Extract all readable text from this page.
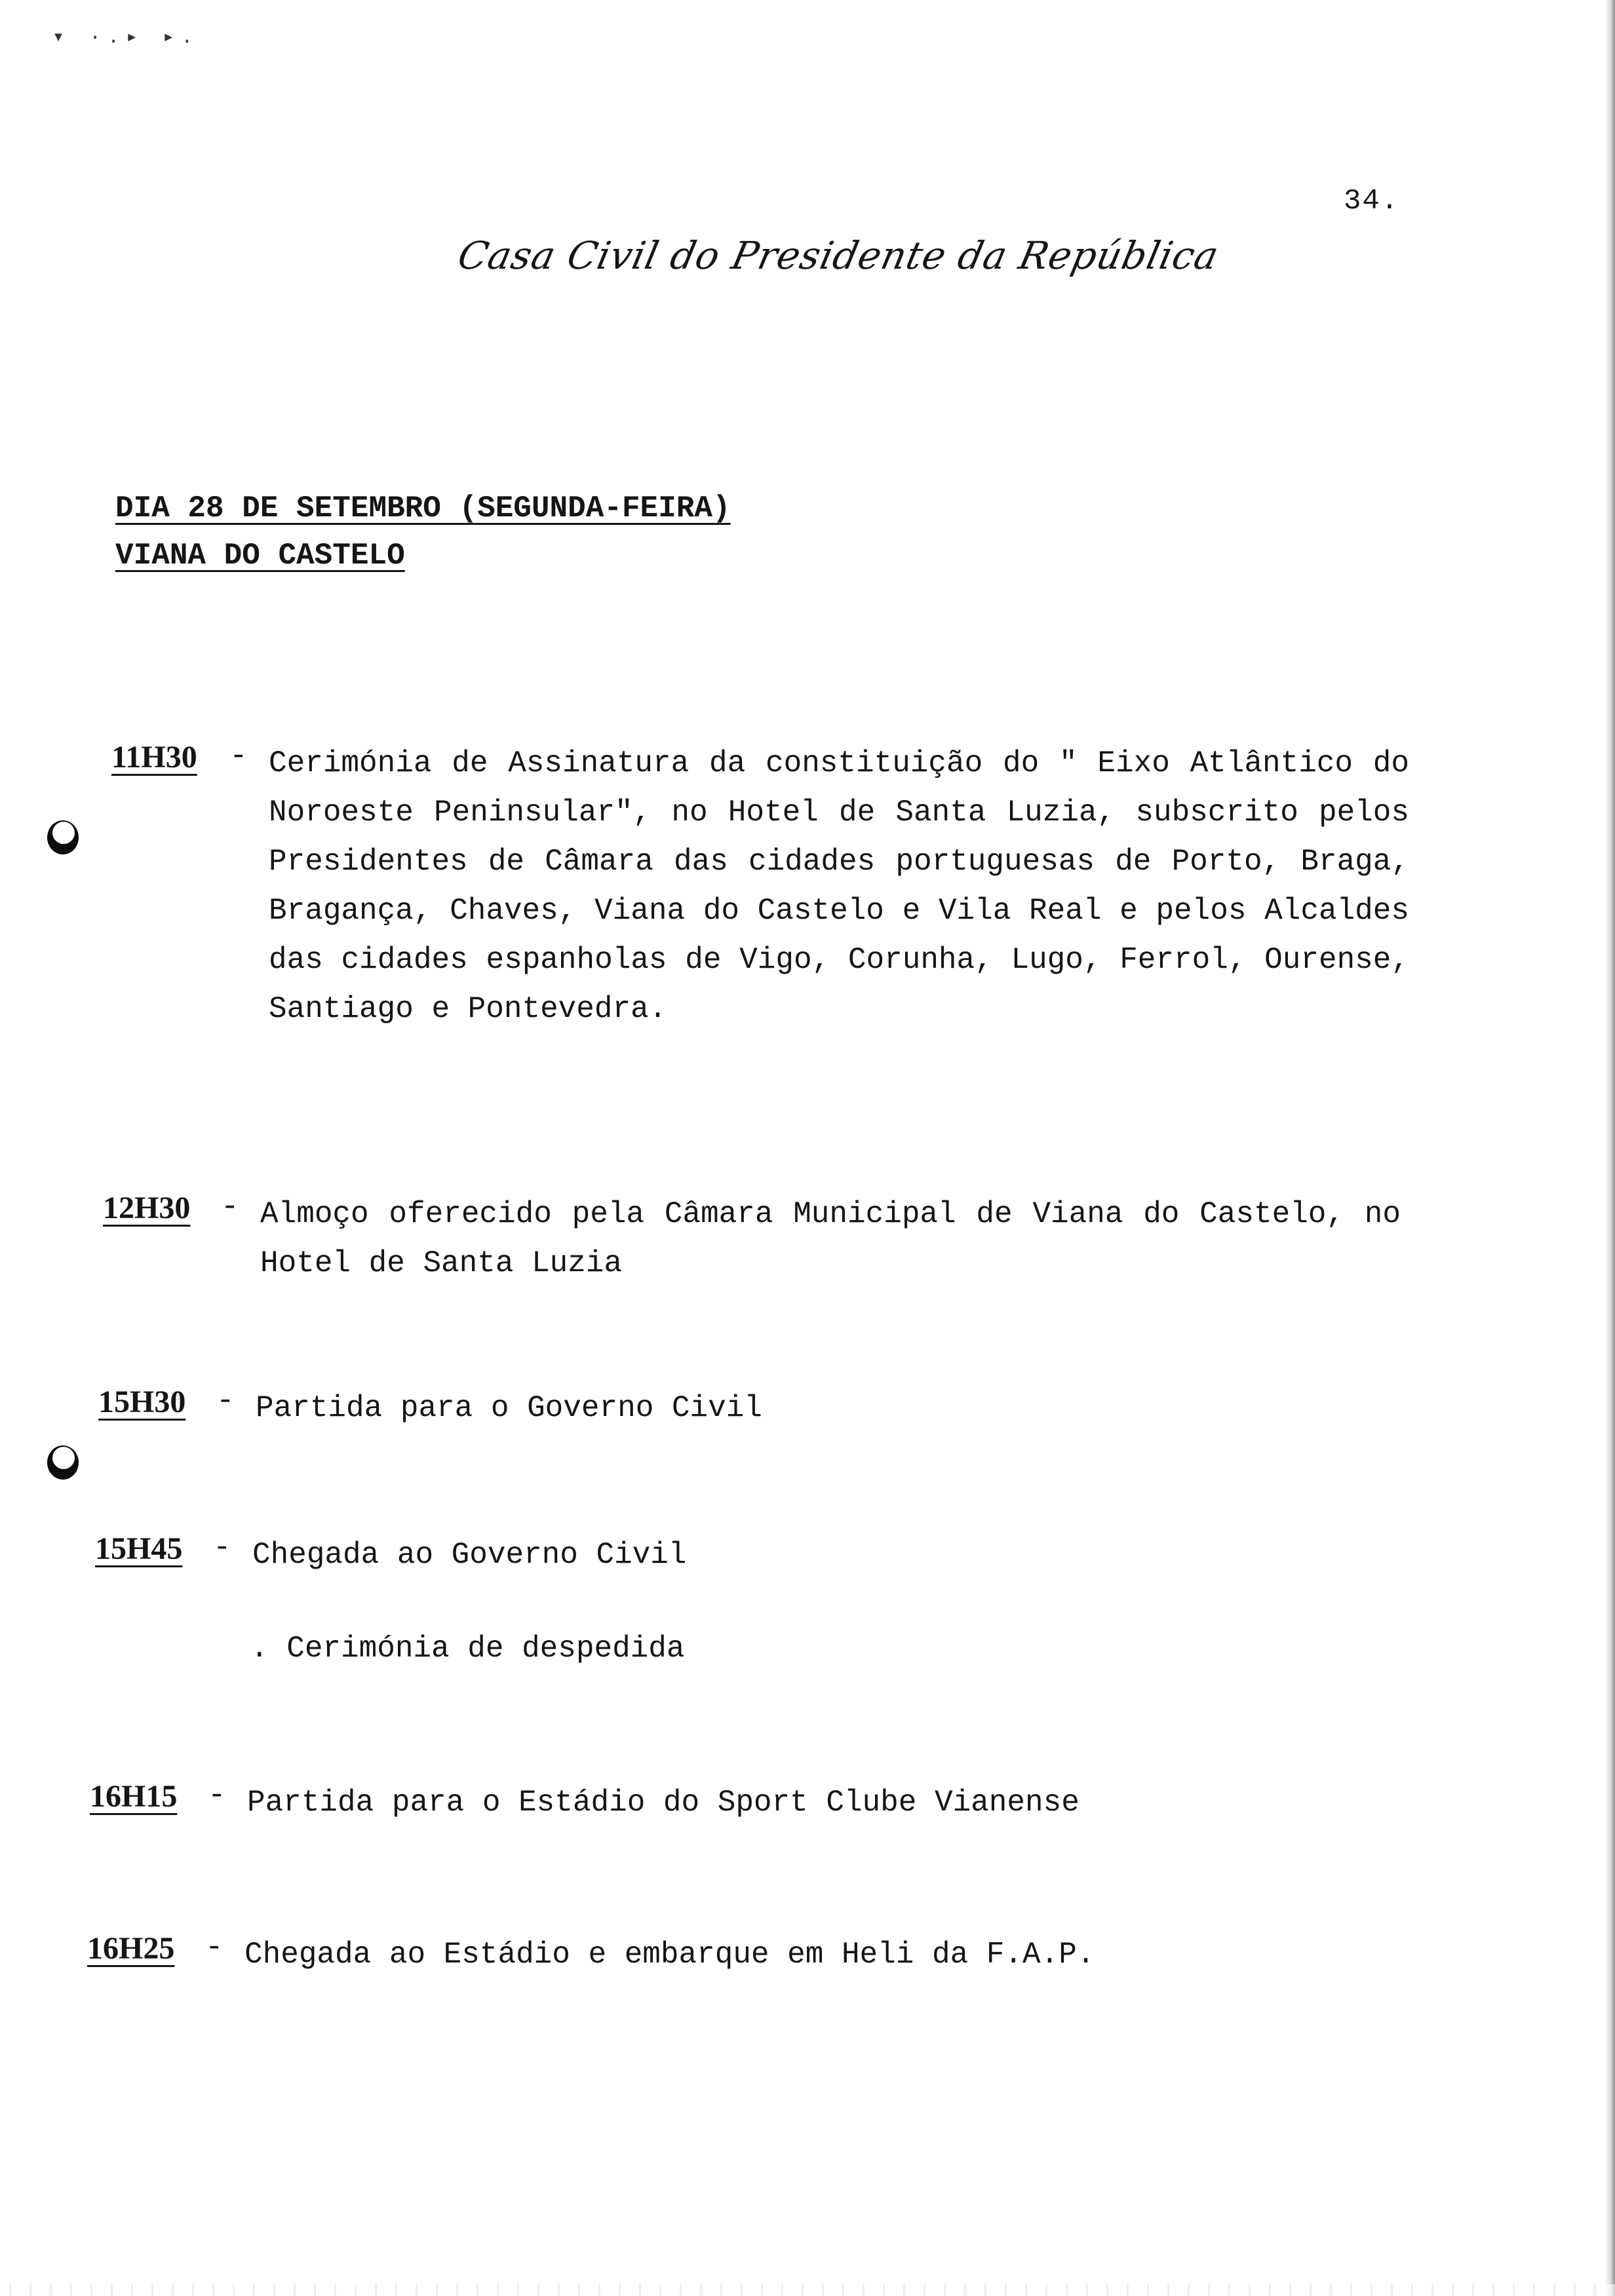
▾ ·.▸ ▸.
34.
Casa Civil do Presidente da República
DIA 28 DE SETEMBRO (SEGUNDA-FEIRA)
VIANA DO CASTELO
11H30 - Cerimónia de Assinatura da constituição do " Eixo Atlântico do Noroeste Peninsular", no Hotel de Santa Luzia, subscrito pelos Presidentes de Câmara das cidades portuguesas de Porto, Braga, Bragança, Chaves, Viana do Castelo e Vila Real e pelos Alcaldes das cidades espanholas de Vigo, Corunha, Lugo, Ferrol, Ourense, Santiago e Pontevedra.
12H30 - Almoço oferecido pela Câmara Municipal de Viana do Castelo, no Hotel de Santa Luzia
15H30 - Partida para o Governo Civil
15H45 - Chegada ao Governo Civil
. Cerimónia de despedida
16H15 - Partida para o Estádio do Sport Clube Vianense
16H25 - Chegada ao Estádio e embarque em Heli da F.A.P.
